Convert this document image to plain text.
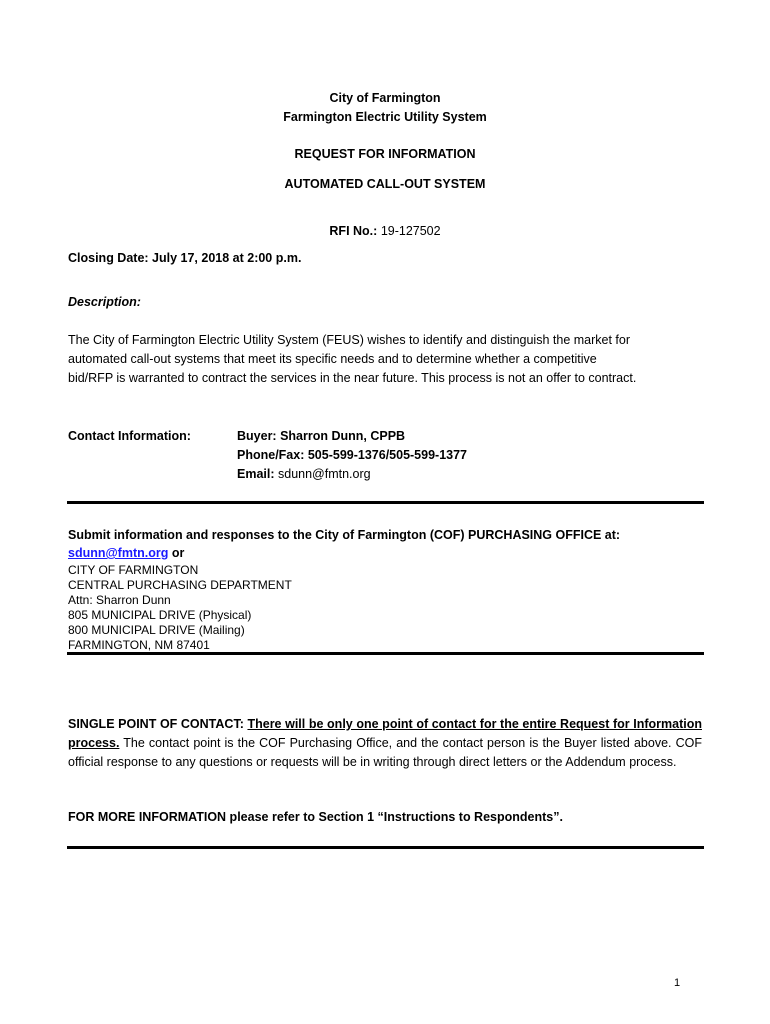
City of Farmington
Farmington Electric Utility System
REQUEST FOR INFORMATION
AUTOMATED CALL-OUT SYSTEM
RFI No.: 19-127502
Closing Date: July 17, 2018 at 2:00 p.m.
Description:
The City of Farmington Electric Utility System (FEUS) wishes to identify and distinguish the market for
automated call-out systems that meet its specific needs and to determine whether a competitive
bid/RFP is warranted to contract the services in the near future. This process is not an offer to contract.
Contact Information:	Buyer: Sharron Dunn, CPPB
Phone/Fax: 505-599-1376/505-599-1377
Email: sdunn@fmtn.org
Submit information and responses to the City of Farmington (COF) PURCHASING OFFICE at:
sdunn@fmtn.org or
CITY OF FARMINGTON
CENTRAL PURCHASING DEPARTMENT
Attn: Sharron Dunn
805 MUNICIPAL DRIVE (Physical)
800 MUNICIPAL DRIVE (Mailing)
FARMINGTON, NM 87401
SINGLE POINT OF CONTACT: There will be only one point of contact for the entire Request for Information process. The contact point is the COF Purchasing Office, and the contact person is the Buyer listed above. COF official response to any questions or requests will be in writing through direct letters or the Addendum process.
FOR MORE INFORMATION please refer to Section 1 “Instructions to Respondents”.
1
